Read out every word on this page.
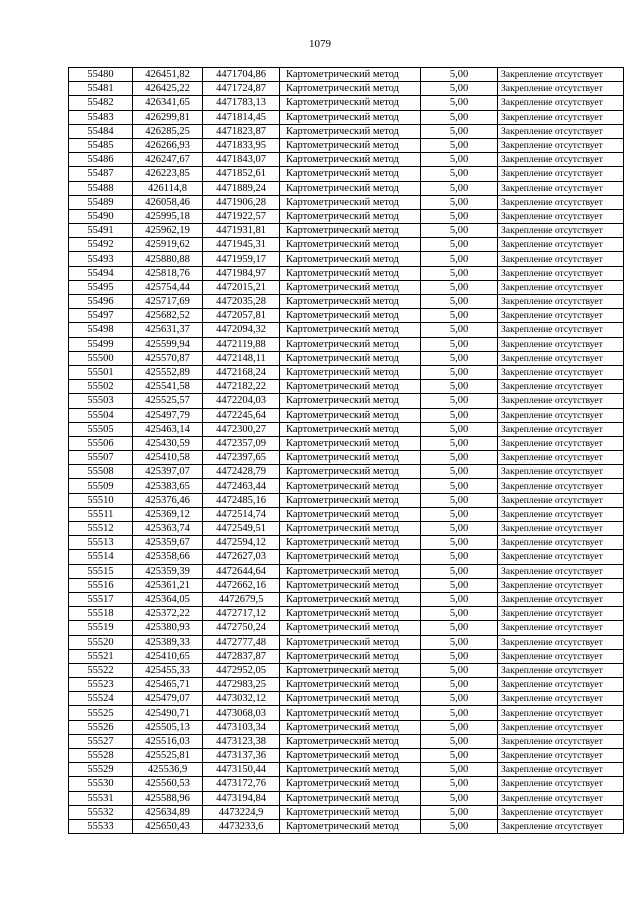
1079
55480	426451,82	4471704,86	Картометрический метод	5,00	Закрепление отсутствует
55481	426425,22	4471724,87	Картометрический метод	5,00	Закрепление отсутствует
55482	426341,65	4471783,13	Картометрический метод	5,00	Закрепление отсутствует
55483	426299,81	4471814,45	Картометрический метод	5,00	Закрепление отсутствует
55484	426285,25	4471823,87	Картометрический метод	5,00	Закрепление отсутствует
55485	426266,93	4471833,95	Картометрический метод	5,00	Закрепление отсутствует
55486	426247,67	4471843,07	Картометрический метод	5,00	Закрепление отсутствует
55487	426223,85	4471852,61	Картометрический метод	5,00	Закрепление отсутствует
55488	426114,8	4471889,24	Картометрический метод	5,00	Закрепление отсутствует
55489	426058,46	4471906,28	Картометрический метод	5,00	Закрепление отсутствует
55490	425995,18	4471922,57	Картометрический метод	5,00	Закрепление отсутствует
55491	425962,19	4471931,81	Картометрический метод	5,00	Закрепление отсутствует
55492	425919,62	4471945,31	Картометрический метод	5,00	Закрепление отсутствует
55493	425880,88	4471959,17	Картометрический метод	5,00	Закрепление отсутствует
55494	425818,76	4471984,97	Картометрический метод	5,00	Закрепление отсутствует
55495	425754,44	4472015,21	Картометрический метод	5,00	Закрепление отсутствует
55496	425717,69	4472035,28	Картометрический метод	5,00	Закрепление отсутствует
55497	425682,52	4472057,81	Картометрический метод	5,00	Закрепление отсутствует
55498	425631,37	4472094,32	Картометрический метод	5,00	Закрепление отсутствует
55499	425599,94	4472119,88	Картометрический метод	5,00	Закрепление отсутствует
55500	425570,87	4472148,11	Картометрический метод	5,00	Закрепление отсутствует
55501	425552,89	4472168,24	Картометрический метод	5,00	Закрепление отсутствует
55502	425541,58	4472182,22	Картометрический метод	5,00	Закрепление отсутствует
55503	425525,57	4472204,03	Картометрический метод	5,00	Закрепление отсутствует
55504	425497,79	4472245,64	Картометрический метод	5,00	Закрепление отсутствует
55505	425463,14	4472300,27	Картометрический метод	5,00	Закрепление отсутствует
55506	425430,59	4472357,09	Картометрический метод	5,00	Закрепление отсутствует
55507	425410,58	4472397,65	Картометрический метод	5,00	Закрепление отсутствует
55508	425397,07	4472428,79	Картометрический метод	5,00	Закрепление отсутствует
55509	425383,65	4472463,44	Картометрический метод	5,00	Закрепление отсутствует
55510	425376,46	4472485,16	Картометрический метод	5,00	Закрепление отсутствует
55511	425369,12	4472514,74	Картометрический метод	5,00	Закрепление отсутствует
55512	425363,74	4472549,51	Картометрический метод	5,00	Закрепление отсутствует
55513	425359,67	4472594,12	Картометрический метод	5,00	Закрепление отсутствует
55514	425358,66	4472627,03	Картометрический метод	5,00	Закрепление отсутствует
55515	425359,39	4472644,64	Картометрический метод	5,00	Закрепление отсутствует
55516	425361,21	4472662,16	Картометрический метод	5,00	Закрепление отсутствует
55517	425364,05	4472679,5	Картометрический метод	5,00	Закрепление отсутствует
55518	425372,22	4472717,12	Картометрический метод	5,00	Закрепление отсутствует
55519	425380,93	4472750,24	Картометрический метод	5,00	Закрепление отсутствует
55520	425389,33	4472777,48	Картометрический метод	5,00	Закрепление отсутствует
55521	425410,65	4472837,87	Картометрический метод	5,00	Закрепление отсутствует
55522	425455,33	4472952,05	Картометрический метод	5,00	Закрепление отсутствует
55523	425465,71	4472983,25	Картометрический метод	5,00	Закрепление отсутствует
55524	425479,07	4473032,12	Картометрический метод	5,00	Закрепление отсутствует
55525	425490,71	4473068,03	Картометрический метод	5,00	Закрепление отсутствует
55526	425505,13	4473103,34	Картометрический метод	5,00	Закрепление отсутствует
55527	425516,03	4473123,38	Картометрический метод	5,00	Закрепление отсутствует
55528	425525,81	4473137,36	Картометрический метод	5,00	Закрепление отсутствует
55529	425536,9	4473150,44	Картометрический метод	5,00	Закрепление отсутствует
55530	425560,53	4473172,76	Картометрический метод	5,00	Закрепление отсутствует
55531	425588,96	4473194,84	Картометрический метод	5,00	Закрепление отсутствует
55532	425634,89	4473224,9	Картометрический метод	5,00	Закрепление отсутствует
55533	425650,43	4473233,6	Картометрический метод	5,00	Закрепление отсутствует
